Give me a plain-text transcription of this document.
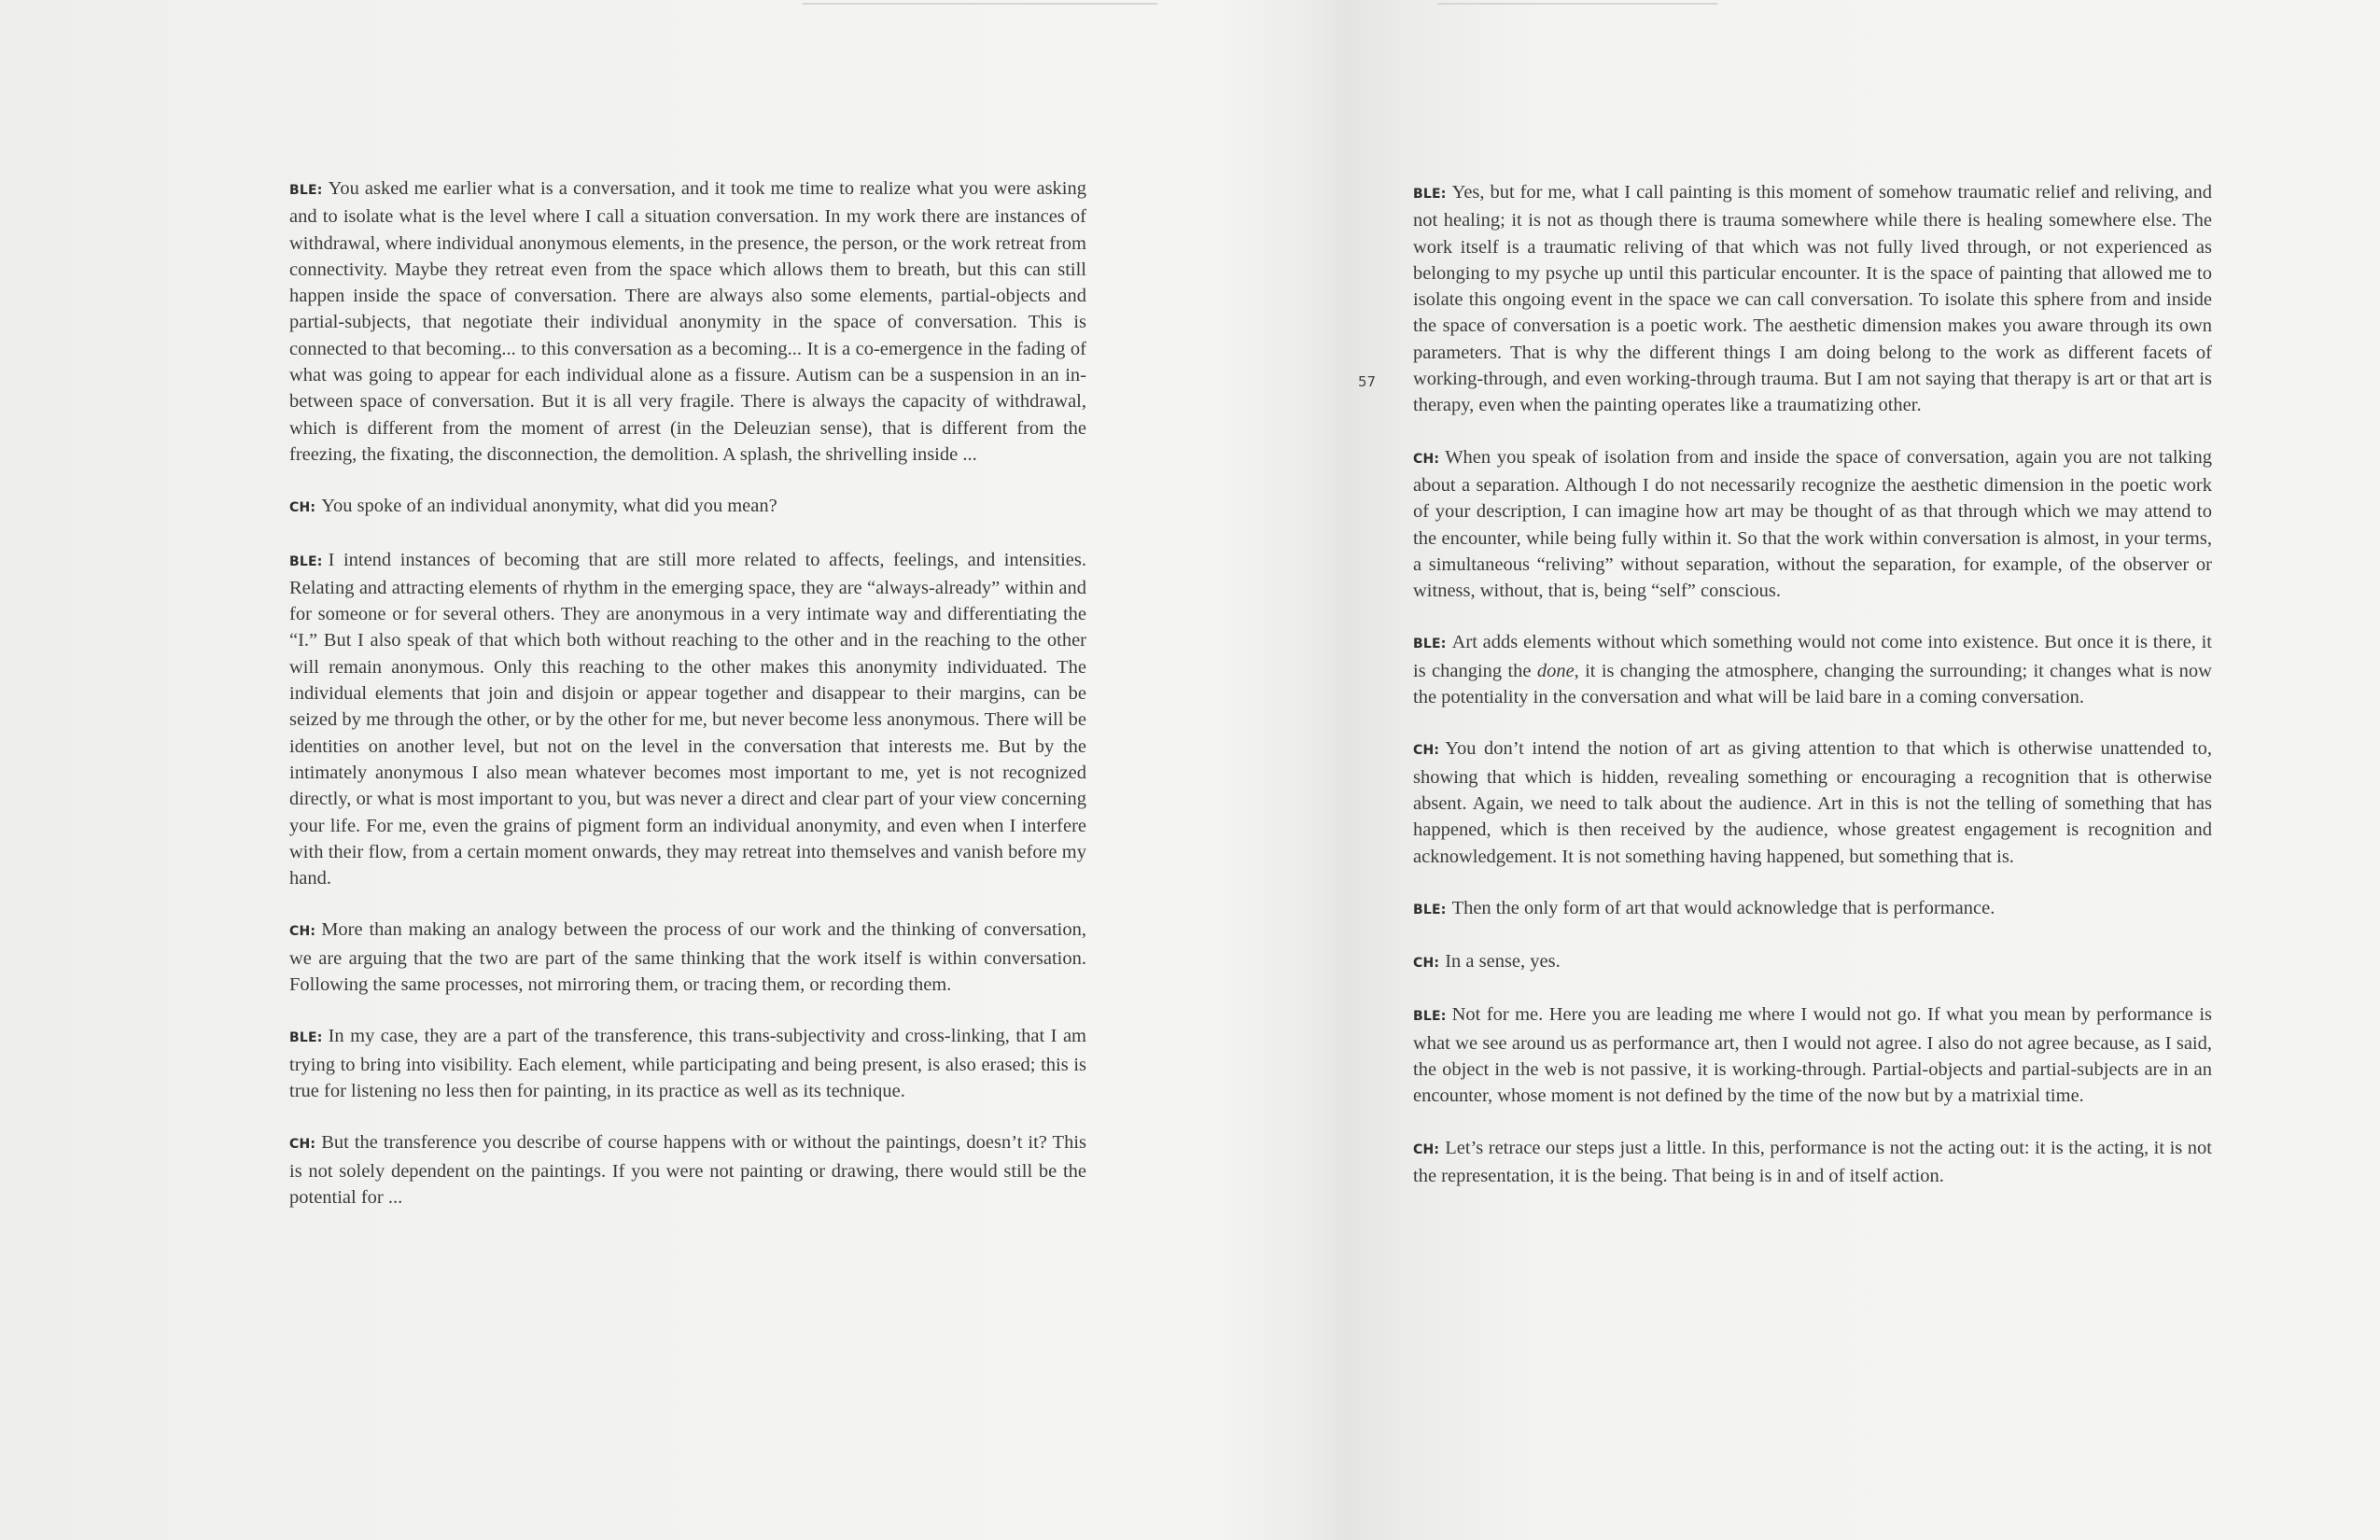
57

BLE: You asked me earlier what is a conversation, and it took me time to realize what you were asking and to isolate what is the level where I call a situation conversation. In my work there are instances of withdrawal, where individual anonymous elements, in the presence, the person, or the work retreat from connectivity. Maybe they retreat even from the space which allows them to breath, but this can still happen inside the space of conversation. There are always also some elements, partial-objects and partial-subjects, that negotiate their individual anonymity in the space of conversation. This is connected to that becoming... to this conversation as a becoming... It is a co-emergence in the fading of what was going to appear for each individual alone as a fissure. Autism can be a suspension in an in-between space of conversation. But it is all very fragile. There is always the capacity of withdrawal, which is different from the moment of arrest (in the Deleuzian sense), that is different from the freezing, the fixating, the disconnection, the demolition. A splash, the shrivelling inside ...

CH: You spoke of an individual anonymity, what did you mean?

BLE: I intend instances of becoming that are still more related to affects, feelings, and intensities. Relating and attracting elements of rhythm in the emerging space, they are “always-already” within and for someone or for several others. They are anonymous in a very intimate way and differentiating the “I.” But I also speak of that which both without reaching to the other and in the reaching to the other will remain anonymous. Only this reaching to the other makes this anonymity individuated. The individual elements that join and disjoin or appear together and disappear to their margins, can be seized by me through the other, or by the other for me, but never become less anonymous. There will be identities on another level, but not on the level in the conversation that interests me. But by the intimately anonymous I also mean whatever becomes most important to me, yet is not recognized directly, or what is most important to you, but was never a direct and clear part of your view concerning your life. For me, even the grains of pigment form an individual anonymity, and even when I interfere with their flow, from a certain moment onwards, they may retreat into themselves and vanish before my hand.

CH: More than making an analogy between the process of our work and the thinking of conversation, we are arguing that the two are part of the same thinking that the work itself is within conversation. Following the same processes, not mirroring them, or tracing them, or recording them.

BLE: In my case, they are a part of the transference, this trans-subjectivity and cross-linking, that I am trying to bring into visibility. Each element, while participating and being present, is also erased; this is true for listening no less then for painting, in its practice as well as its technique.

CH: But the transference you describe of course happens with or without the paintings, doesn’t it? This is not solely dependent on the paintings. If you were not painting or drawing, there would still be the potential for ...

BLE: Yes, but for me, what I call painting is this moment of somehow traumatic relief and reliving, and not healing; it is not as though there is trauma somewhere while there is healing somewhere else. The work itself is a traumatic reliving of that which was not fully lived through, or not experienced as belonging to my psyche up until this particular encounter. It is the space of painting that allowed me to isolate this ongoing event in the space we can call conversation. To isolate this sphere from and inside the space of conversation is a poetic work. The aesthetic dimension makes you aware through its own parameters. That is why the different things I am doing belong to the work as different facets of working-through, and even working-through trauma. But I am not saying that therapy is art or that art is therapy, even when the painting operates like a traumatizing other.

CH: When you speak of isolation from and inside the space of conversation, again you are not talking about a separation. Although I do not necessarily recognize the aesthetic dimension in the poetic work of your description, I can imagine how art may be thought of as that through which we may attend to the encounter, while being fully within it. So that the work within conversation is almost, in your terms, a simultaneous “reliving” without separation, without the separation, for example, of the observer or witness, without, that is, being “self” conscious.

BLE: Art adds elements without which something would not come into existence. But once it is there, it is changing the done, it is changing the atmosphere, changing the surrounding; it changes what is now the potentiality in the conversation and what will be laid bare in a coming conversation.

CH: You don’t intend the notion of art as giving attention to that which is otherwise unattended to, showing that which is hidden, revealing something or encouraging a recognition that is otherwise absent. Again, we need to talk about the audience. Art in this is not the telling of something that has happened, which is then received by the audience, whose greatest engagement is recognition and acknowledgement. It is not something having happened, but something that is.

BLE: Then the only form of art that would acknowledge that is performance.

CH: In a sense, yes.

BLE: Not for me. Here you are leading me where I would not go. If what you mean by performance is what we see around us as performance art, then I would not agree. I also do not agree because, as I said, the object in the web is not passive, it is working-through. Partial-objects and partial-subjects are in an encounter, whose moment is not defined by the time of the now but by a matrixial time.

CH: Let’s retrace our steps just a little. In this, performance is not the acting out: it is the acting, it is not the representation, it is the being. That being is in and of itself action.
